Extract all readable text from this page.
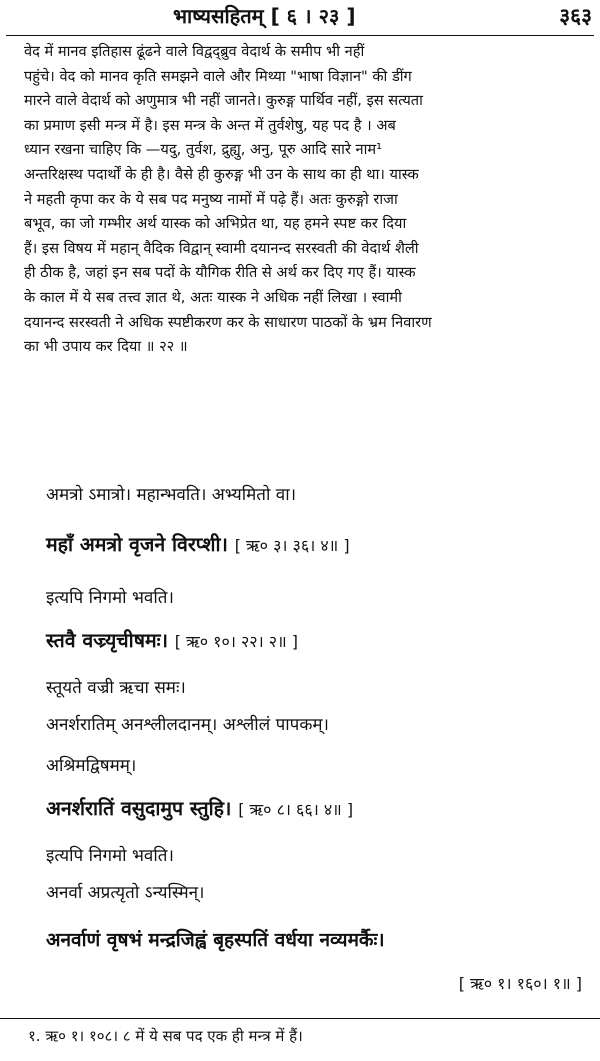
भाष्यसहितम् [ ६ । २३ ]	३६३
वेद में मानव इतिहास ढूंढने वाले विद्वद्ब्रुव वेदार्थ के समीप भी नहीं
पहुंचे। वेद को मानव कृति समझने वाले और मिथ्या "भाषा विज्ञान" की डींग
मारने वाले वेदार्थ को अणुमात्र भी नहीं जानते। कुरुङ्ग पार्थिव नहीं, इस सत्यता
का प्रमाण इसी मन्त्र में है। इस मन्त्र के अन्त में तुर्वशेषु, यह पद है । अब
ध्यान रखना चाहिए कि —यदु, तुर्वश, द्रुह्यु, अनु, पूरु आदि सारे नाम¹
अन्तरिक्षस्थ पदार्थों के ही है। वैसे ही कुरुङ्ग भी उन के साथ का ही था। यास्क
ने महती कृपा कर के ये सब पद मनुष्य नामों में पढ़े हैं। अतः कुरुङ्गो राजा
बभूव, का जो गम्भीर अर्थ यास्क को अभिप्रेत था, यह हमने स्पष्ट कर दिया
हैं। इस विषय में महान् वैदिक विद्वान् स्वामी दयानन्द सरस्वती की वेदार्थ शैली
ही ठीक है, जहां इन सब पदों के यौगिक रीति से अर्थ कर दिए गए हैं। यास्क
के काल में ये सब तत्त्व ज्ञात थे, अतः यास्क ने अधिक नहीं लिखा । स्वामी
दयानन्द सरस्वती ने अधिक स्पष्टीकरण कर के साधारण पाठकों के भ्रम निवारण
का भी उपाय कर दिया ॥ २२ ॥
अमत्रो ऽमात्रो। महान्भवति। अभ्यमितो वा।
महाँ अमत्रो वृजने विरप्शी। [ ऋ० ३। ३६। ४॥ ]
इत्यपि निगमो भवति।
स्तवै वज्र्यृचीषमः। [ ऋ० १०। २२। २॥ ]
स्तूयते वज्री ऋचा समः।
अनर्शरातिम् अनश्लीलदानम्। अश्लीलं पापकम्।
अश्रिमद्विषमम्।
अनर्शरातिं वसुदामुप स्तुहि। [ ऋ० ८। ६६। ४॥ ]
इत्यपि निगमो भवति।
अनर्वा अप्रत्यृतो ऽन्यस्मिन्।
अनर्वाणं वृषभं मन्द्रजिह्वं बृहस्पतिं वर्धया नव्यमर्कैः।
[ ऋ० १। १६०। १॥ ]
१. ऋ० १। १०८। ८ में ये सब पद एक ही मन्त्र में हैं।
